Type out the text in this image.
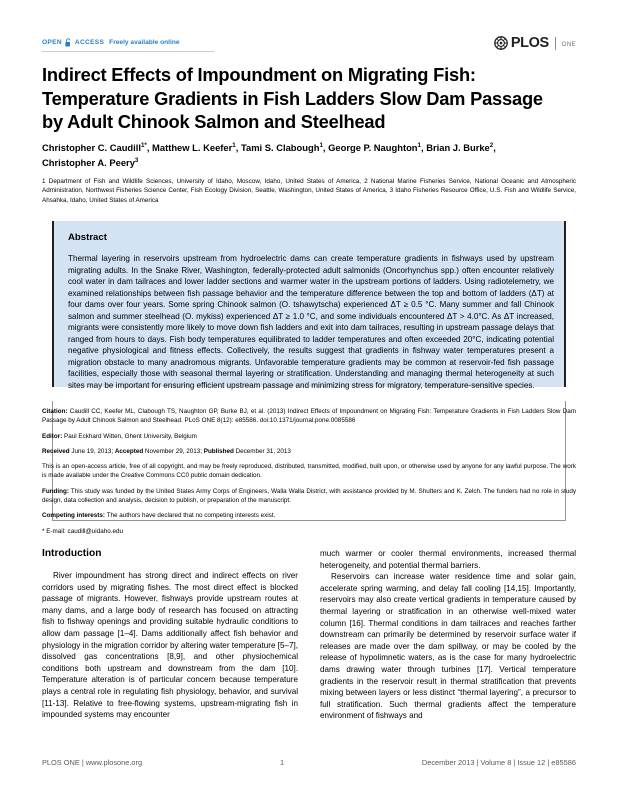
OPEN ACCESS Freely available online	PLOS ONE
Indirect Effects of Impoundment on Migrating Fish: Temperature Gradients in Fish Ladders Slow Dam Passage by Adult Chinook Salmon and Steelhead
Christopher C. Caudill$^{1*}$, Matthew L. Keefer$^1$, Tami S. Clabough$^1$, George P. Naughton$^1$, Brian J. Burke$^2$,
Christopher A. Peery$^3$
1 Department of Fish and Wildlife Sciences, University of Idaho, Moscow, Idaho, United States of America, 2 National Marine Fisheries Service, National Oceanic and Atmospheric Administration, Northwest Fisheries Science Center, Fish Ecology Division, Seattle, Washington, United States of America, 3 Idaho Fisheries Resource Office, U.S. Fish and Wildlife Service, Ahsahka, Idaho, United States of America
Abstract
Thermal layering in reservoirs upstream from hydroelectric dams can create temperature gradients in fishways used by upstream migrating adults. In the Snake River, Washington, federally-protected adult salmonids (Oncorhynchus spp.) often encounter relatively cool water in dam tailraces and lower ladder sections and warmer water in the upstream portions of ladders. Using radiotelemetry, we examined relationships between fish passage behavior and the temperature difference between the top and bottom of ladders (ΔT) at four dams over four years. Some spring Chinook salmon (O. tshawytscha) experienced ΔT ≥ 0.5 °C. Many summer and fall Chinook salmon and summer steelhead (O. mykiss) experienced ΔT ≥ 1.0 °C, and some individuals encountered ΔT > 4.0°C. As ΔT increased, migrants were consistently more likely to move down fish ladders and exit into dam tailraces, resulting in upstream passage delays that ranged from hours to days. Fish body temperatures equilibrated to ladder temperatures and often exceeded 20°C, indicating potential negative physiological and fitness effects. Collectively, the results suggest that gradients in fishway water temperatures present a migration obstacle to many anadromous migrants. Unfavorable temperature gradients may be common at reservoir-fed fish passage facilities, especially those with seasonal thermal layering or stratification. Understanding and managing thermal heterogeneity at such sites may be important for ensuring efficient upstream passage and minimizing stress for migratory, temperature-sensitive species.

Citation: Caudill CC, Keefer ML, Clabough TS, Naughton GP, Burke BJ, et al. (2013) Indirect Effects of Impoundment on Migrating Fish: Temperature Gradients in Fish Ladders Slow Dam Passage by Adult Chinook Salmon and Steelhead. PLoS ONE 8(12): e85586. doi:10.1371/journal.pone.0085586

Editor: Paul Eckhard Witten, Ghent University, Belgium

Received June 19, 2013; Accepted November 29, 2013; Published December 31, 2013

This is an open-access article, free of all copyright, and may be freely reproduced, distributed, transmitted, modified, built upon, or otherwise used by anyone for any lawful purpose. The work is made available under the Creative Commons CC0 public domain dedication.

Funding: This study was funded by the United States Army Corps of Engineers, Walla Walla District, with assistance provided by M. Shutters and K. Zelch. The funders had no role in study design, data collection and analysis, decision to publish, or preparation of the manuscript.

Competing interests: The authors have declared that no competing interests exist.

* E-mail: caudill@uidaho.edu

Introduction

River impoundment has strong direct and indirect effects on river corridors used by migrating fishes. The most direct effect is blocked passage of migrants. However, fishways provide upstream routes at many dams, and a large body of research has focused on attracting fish to fishway openings and providing suitable hydraulic conditions to allow dam passage [1–4]. Dams additionally affect fish behavior and physiology in the migration corridor by altering water temperature [5–7], dissolved gas concentrations [8,9], and other physiochemical conditions both upstream and downstream from the dam [10]. Temperature alteration is of particular concern because temperature plays a central role in regulating fish physiology, behavior, and survival [11-13]. Relative to free-flowing systems, upstream-migrating fish in impounded systems may encounter

much warmer or cooler thermal environments, increased thermal heterogeneity, and potential thermal barriers.

Reservoirs can increase water residence time and solar gain, accelerate spring warming, and delay fall cooling [14,15]. Importantly, reservoirs may also create vertical gradients in temperature caused by thermal layering or stratification in an otherwise well-mixed water column [16]. Thermal conditions in dam tailraces and reaches farther downstream can primarily be determined by reservoir surface water if releases are made over the dam spillway, or may be cooled by the release of hypolimnetic waters, as is the case for many hydroelectric dams drawing water through turbines [17]. Vertical temperature gradients in the reservoir result in thermal stratification that prevents mixing between layers or less distinct “thermal layering”, a precursor to full stratification. Such thermal gradients affect the temperature environment of fishways and

PLOS ONE | www.plosone.org	1	December 2013 | Volume 8 | Issue 12 | e85586
